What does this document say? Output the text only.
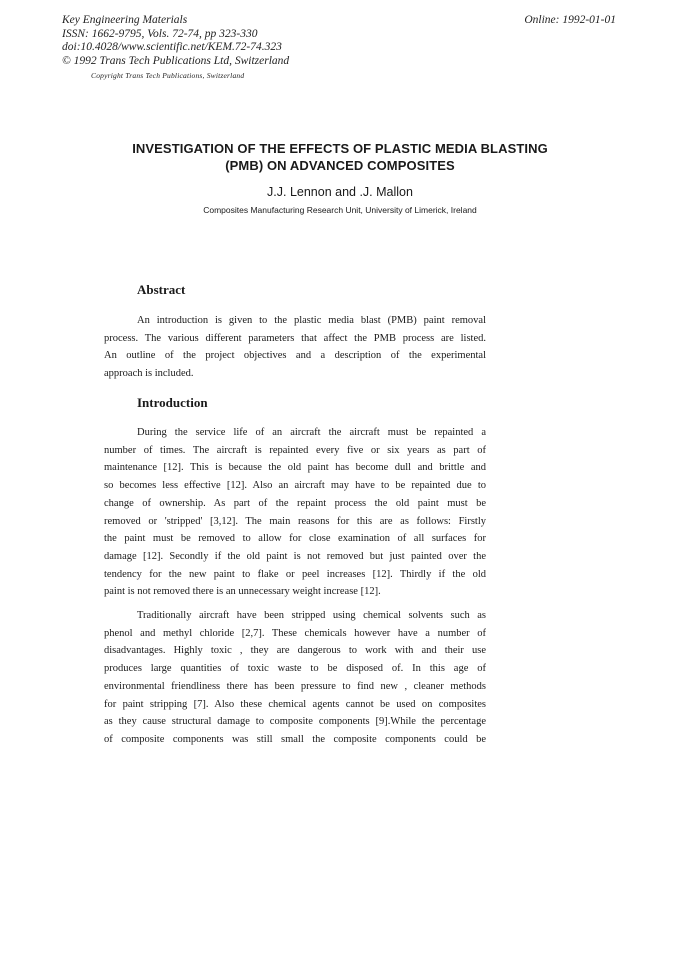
Key Engineering Materials
ISSN: 1662-9795, Vols. 72-74, pp 323-330
doi:10.4028/www.scientific.net/KEM.72-74.323
© 1992 Trans Tech Publications Ltd, Switzerland
Copyright Trans Tech Publications, Switzerland
Online: 1992-01-01
INVESTIGATION OF THE EFFECTS OF PLASTIC MEDIA BLASTING
(PMB) ON ADVANCED COMPOSITES
J.J. Lennon and .J. Mallon
Composites Manufacturing Research Unit, University of Limerick, Ireland
Abstract

An introduction is given to the plastic media blast (PMB) paint removal
process. The various different parameters that affect the PMB process are listed.
An outline of the project objectives and a description of the experimental
approach is included.

Introduction

During the service life of an aircraft the aircraft must be repainted a
number of times. The aircraft is repainted every five or six years as part of
maintenance [12]. This is because the old paint has become dull and brittle and
so becomes less effective [12]. Also an aircraft may have to be repainted due to
change of ownership. As part of the repaint process the old paint must be
removed or 'stripped' [3,12]. The main reasons for this are as follows: Firstly
the paint must be removed to allow for close examination of all surfaces for
damage [12]. Secondly if the old paint is not removed but just painted over the
tendency for the new paint to flake or peel increases [12]. Thirdly if the old
paint is not removed there is an unnecessary weight increase [12].

Traditionally aircraft have been stripped using chemical solvents such as
phenol and methyl chloride [2,7]. These chemicals however have a number of
disadvantages. Highly toxic , they are dangerous to work with and their use
produces large quantities of toxic waste to be disposed of. In this age of
environmental friendliness there has been pressure to find new , cleaner methods
for paint stripping [7]. Also these chemical agents cannot be used on composites
as they cause structural damage to composite components [9].While the percentage
of composite components was still small the composite components could be
